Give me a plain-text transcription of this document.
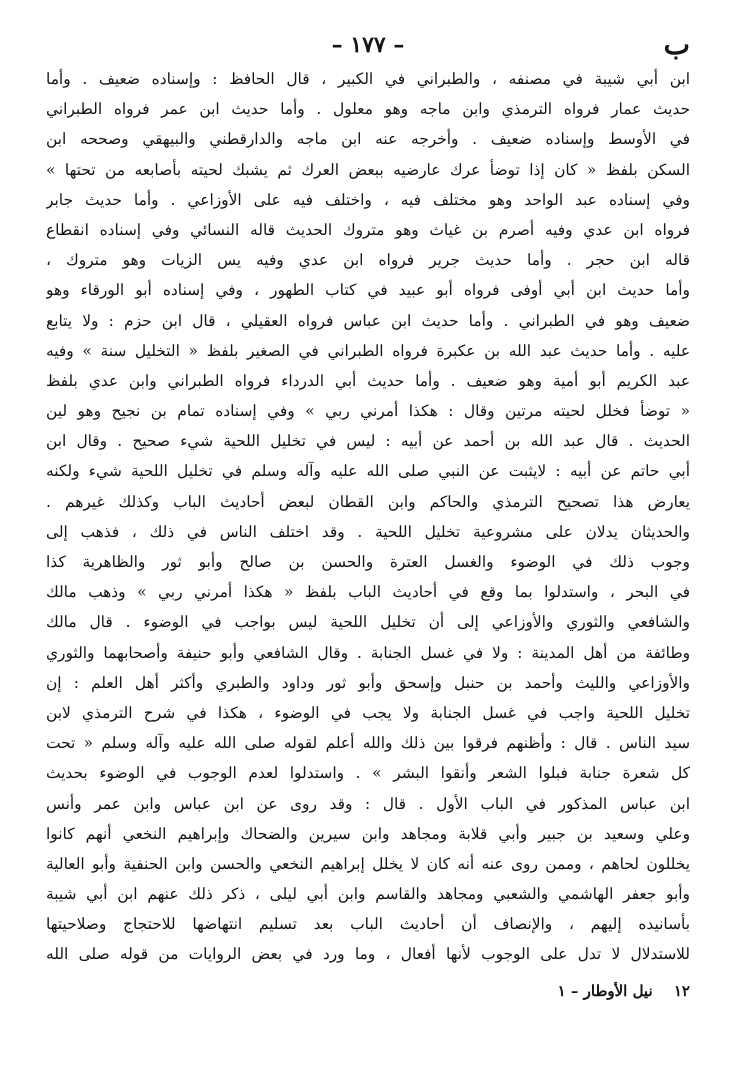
– ١٧٧ –	ب
ابن أبي شيبة في مصنفه ، والطبراني في الكبير ، قال الحافظ : وإسناده ضعيف . وأما
حديث عمار فرواه الترمذي وابن ماجه وهو معلول . وأما حديث ابن عمر فرواه الطبراني
في الأوسط وإسناده ضعيف . وأخرجه عنه ابن ماجه والدارقطني والبيهقي وصححه ابن
السكن بلفظ « كان إذا توضأ عرك عارضيه ببعض العرك ثم يشبك لحيته بأصابعه من تحتها »
وفي إسناده عبد الواحد وهو مختلف فيه ، واختلف فيه على الأوزاعي . وأما حديث جابر
فرواه ابن عدي وفيه أصرم بن غياث وهو متروك الحديث قاله النسائي وفي إسناده انقطاع
قاله ابن حجر . وأما حديث جرير فرواه ابن عدي وفيه يس الزيات وهو متروك ،
وأما حديث ابن أبي أوفى فرواه أبو عبيد في كتاب الطهور ، وفي إسناده أبو الورقاء وهو
ضعيف وهو في الطبراني . وأما حديث ابن عباس فرواه العقيلي ، قال ابن حزم : ولا يتابع
عليه . وأما حديث عبد الله بن عكبرة فرواه الطبراني في الصغير بلفظ « التخليل سنة » وفيه
عبد الكريم أبو أمية وهو ضعيف . وأما حديث أبي الدرداء فرواه الطبراني وابن عدي بلفظ
« توضأ فخلل لحيته مرتين وقال : هكذا أمرني ربي » وفي إسناده تمام بن نجيح وهو لين
الحديث . قال عبد الله بن أحمد عن أبيه : ليس في تخليل اللحية شيء صحيح . وقال ابن
أبي حاتم عن أبيه : لايثبت عن النبي صلى الله عليه وآله وسلم في تخليل اللحية شيء ولكنه
يعارض هذا تصحيح الترمذي والحاكم وابن القطان لبعض أحاديث الباب وكذلك غيرهم .
والحديثان يدلان على مشروعية تخليل اللحية . وقد اختلف الناس في ذلك ، فذهب إلى
وجوب ذلك في الوضوء والغسل العترة والحسن بن صالح وأبو ثور والظاهرية كذا
في البحر ، واستدلوا بما وقع في أحاديث الباب بلفظ « هكذا أمرني ربي » وذهب مالك
والشافعي والثوري والأوزاعي إلى أن تخليل اللحية ليس بواجب في الوضوء . قال مالك
وطائفة من أهل المدينة : ولا في غسل الجنابة . وقال الشافعي وأبو حنيفة وأصحابهما والثوري
والأوزاعي والليث وأحمد بن حنبل وإسحق وأبو ثور وداود والطبري وأكثر أهل العلم : إن
تخليل اللحية واجب في غسل الجنابة ولا يجب في الوضوء ، هكذا في شرح الترمذي لابن
سيد الناس . قال : وأظنهم فرقوا بين ذلك والله أعلم لقوله صلى الله عليه وآله وسلم « تحت
كل شعرة جنابة فبلوا الشعر وأنقوا البشر » . واستدلوا لعدم الوجوب في الوضوء بحديث
ابن عباس المذكور في الباب الأول . قال : وقد روى عن ابن عباس وابن عمر وأنس
وعلي وسعيد بن جبير وأبي قلابة ومجاهد وابن سيرين والضحاك وإبراهيم النخعي أنهم كانوا
يخللون لحاهم ، وممن روى عنه أنه كان لا يخلل إبراهيم النخعي والحسن وابن الحنفية وأبو العالية
وأبو جعفر الهاشمي والشعبي ومجاهد والقاسم وابن أبي ليلى ، ذكر ذلك عنهم ابن أبي شيبة
بأسانيده إليهم ، والإنصاف أن أحاديث الباب بعد تسليم انتهاضها للاحتجاج وصلاحيتها
للاستدلال لا تدل على الوجوب لأنها أفعال ، وما ورد في بعض الروايات من قوله صلى الله
١٢ نيل الأوطار – ١
